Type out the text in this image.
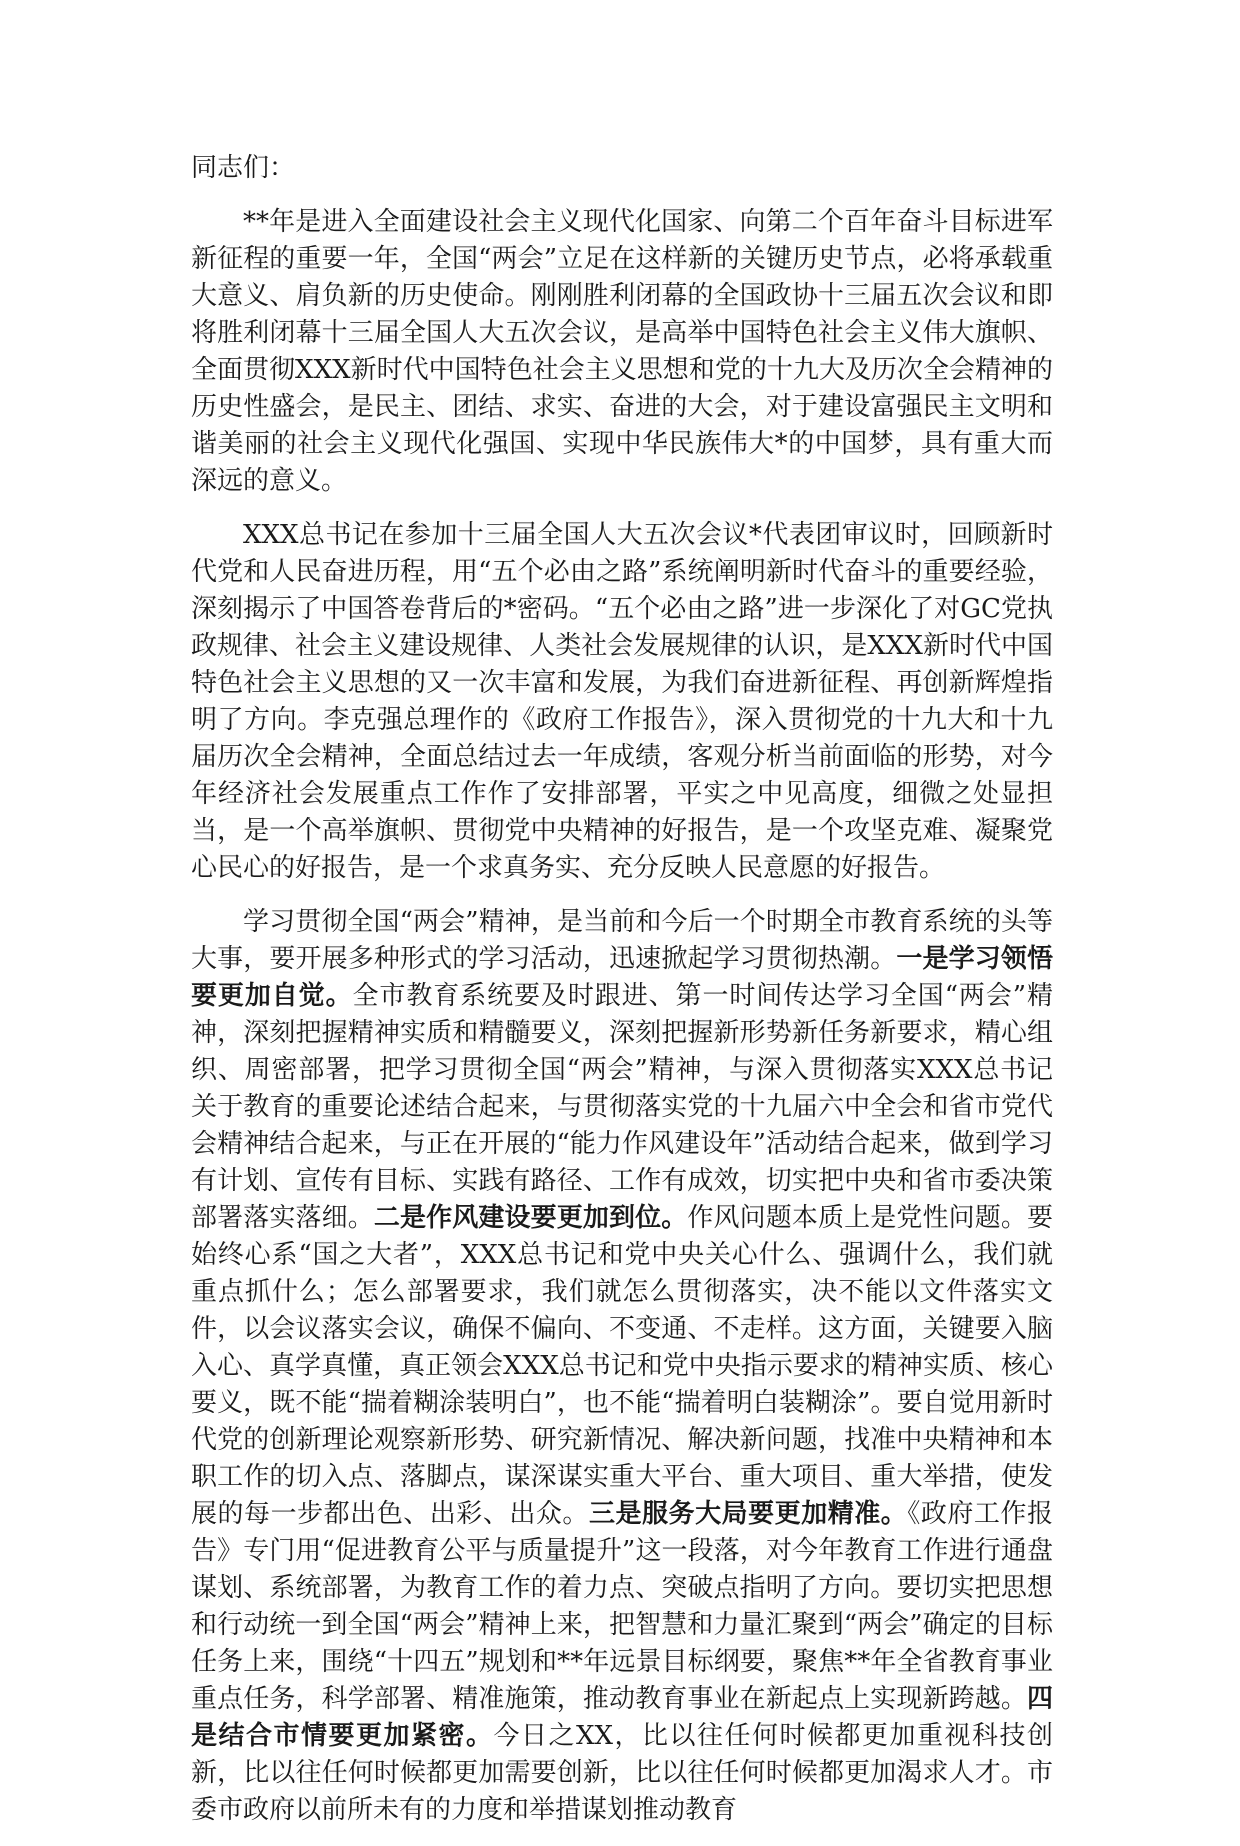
同志们：

**年是进入全面建设社会主义现代化国家、向第二个百年奋斗目标进军新征程的重要一年，全国“两会”立足在这样新的关键历史节点，必将承载重大意义、肩负新的历史使命。刚刚胜利闭幕的全国政协十三届五次会议和即将胜利闭幕十三届全国人大五次会议，是高举中国特色社会主义伟大旗帜、全面贯彻XXX新时代中国特色社会主义思想和党的十九大及历次全会精神的历史性盛会，是民主、团结、求实、奋进的大会，对于建设富强民主文明和谐美丽的社会主义现代化强国、实现中华民族伟大*的中国梦，具有重大而深远的意义。

XXX总书记在参加十三届全国人大五次会议*代表团审议时，回顾新时代党和人民奋进历程，用“五个必由之路”系统阐明新时代奋斗的重要经验，深刻揭示了中国答卷背后的*密码。“五个必由之路”进一步深化了对GC党执政规律、社会主义建设规律、人类社会发展规律的认识，是XXX新时代中国特色社会主义思想的又一次丰富和发展，为我们奋进新征程、再创新辉煌指明了方向。李克强总理作的《政府工作报告》，深入贯彻党的十九大和十九届历次全会精神，全面总结过去一年成绩，客观分析当前面临的形势，对今年经济社会发展重点工作作了安排部署，平实之中见高度，细微之处显担当，是一个高举旗帜、贯彻党中央精神的好报告，是一个攻坚克难、凝聚党心民心的好报告，是一个求真务实、充分反映人民意愿的好报告。

学习贯彻全国“两会”精神，是当前和今后一个时期全市教育系统的头等大事，要开展多种形式的学习活动，迅速掀起学习贯彻热潮。一是学习领悟要更加自觉。全市教育系统要及时跟进、第一时间传达学习全国“两会”精神，深刻把握精神实质和精髓要义，深刻把握新形势新任务新要求，精心组织、周密部署，把学习贯彻全国“两会”精神，与深入贯彻落实XXX总书记关于教育的重要论述结合起来，与贯彻落实党的十九届六中全会和省市党代会精神结合起来，与正在开展的“能力作风建设年”活动结合起来，做到学习有计划、宣传有目标、实践有路径、工作有成效，切实把中央和省市委决策部署落实落细。二是作风建设要更加到位。作风问题本质上是党性问题。要始终心系“国之大者”，XXX总书记和党中央关心什么、强调什么，我们就重点抓什么；怎么部署要求，我们就怎么贯彻落实，决不能以文件落实文件，以会议落实会议，确保不偏向、不变通、不走样。这方面，关键要入脑入心、真学真懂，真正领会XXX总书记和党中央指示要求的精神实质、核心要义，既不能“揣着糊涂装明白”，也不能“揣着明白装糊涂”。要自觉用新时代党的创新理论观察新形势、研究新情况、解决新问题，找准中央精神和本职工作的切入点、落脚点，谋深谋实重大平台、重大项目、重大举措，使发展的每一步都出色、出彩、出众。三是服务大局要更加精准。《政府工作报告》专门用“促进教育公平与质量提升”这一段落，对今年教育工作进行通盘谋划、系统部署，为教育工作的着力点、突破点指明了方向。要切实把思想和行动统一到全国“两会”精神上来，把智慧和力量汇聚到“两会”确定的目标任务上来，围绕“十四五”规划和**年远景目标纲要，聚焦**年全省教育事业重点任务，科学部署、精准施策，推动教育事业在新起点上实现新跨越。四是结合市情要更加紧密。今日之XX，比以往任何时候都更加重视科技创新，比以往任何时候都更加需要创新，比以往任何时候都更加渴求人才。市委市政府以前所未有的力度和举措谋划推动教育
